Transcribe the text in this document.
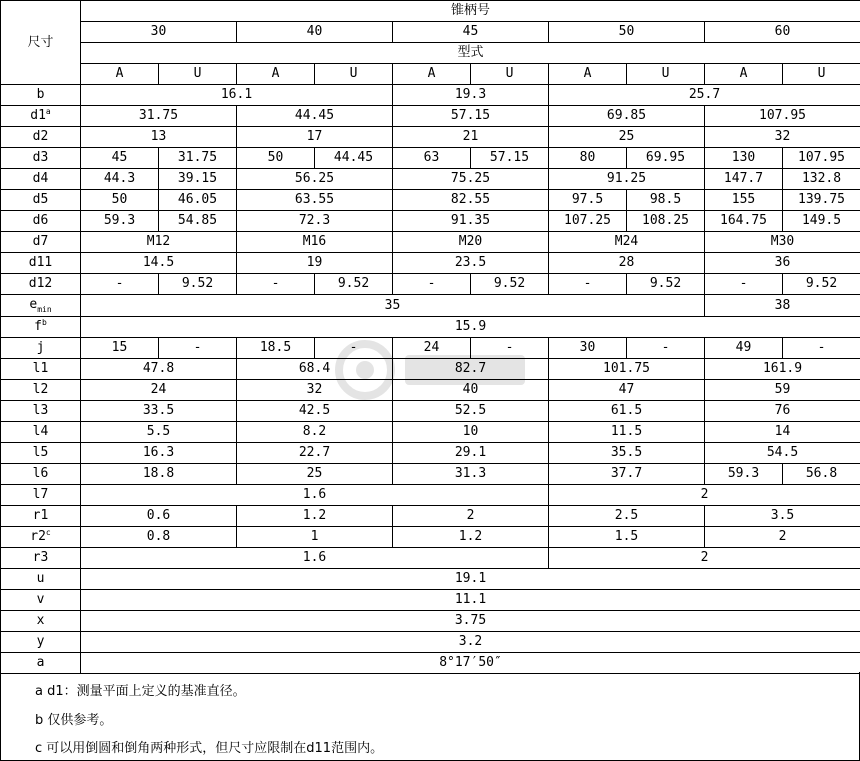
尺寸	锥柄号									
	30		40		45		50		60	
	型式									
	A	U	A	U	A	U	A	U	A	U
b	16.1				19.3		25.7			
d1$^a$	31.75		44.45		57.15		69.85		107.95	
d2	13		17		21		25		32	
d3	45	31.75	50	44.45	63	57.15	80	69.95	130	107.95
d4	44.3	39.15	56.25		75.25		91.25		147.7	132.8
d5	50	46.05	63.55		82.55		97.5	98.5	155	139.75
d6	59.3	54.85	72.3		91.35		107.25	108.25	164.75	149.5
d7	M12		M16		M20		M24		M30	
d11	14.5		19		23.5		28		36	
d12	-	9.52	-	9.52	-	9.52	-	9.52	-	9.52
$e_{min}$	35								38	
$f^b$	15.9									
j	15	-	18.5	-	24	-	30	-	49	-
l1	47.8		68.4		82.7		101.75		161.9	
l2	24		32		40		47		59	
l3	33.5		42.5		52.5		61.5		76	
l4	5.5		8.2		10		11.5		14	
l5	16.3		22.7		29.1		35.5		54.5	
l6	18.8		25		31.3		37.7		59.3	56.8
l7	1.6						2			
r1	0.6		1.2		2		2.5		3.5	
r2$^c$	0.8		1		1.2		1.5		2	
r3	1.6						2			
u	19.1									
v	11.1									
x	3.75									
y	3.2									
a	8°17′50″									
a d1：测量平面上定义的基准直径。
b 仅供参考。
c 可以用倒圆和倒角两种形式，但尺寸应限制在d11范围内。
